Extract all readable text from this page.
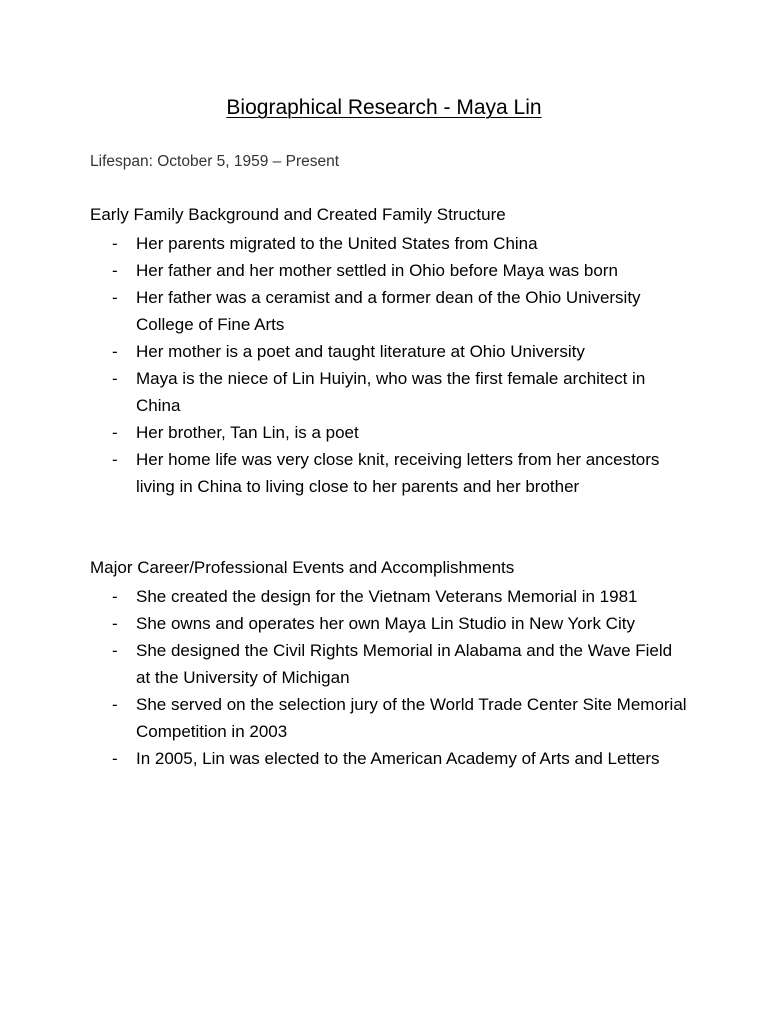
Biographical Research - Maya Lin
Lifespan: October 5, 1959 – Present
Early Family Background and Created Family Structure
- Her parents migrated to the United States from China
- Her father and her mother settled in Ohio before Maya was born
- Her father was a ceramist and a former dean of the Ohio University College of Fine Arts
- Her mother is a poet and taught literature at Ohio University
- Maya is the niece of Lin Huiyin, who was the first female architect in China
- Her brother, Tan Lin, is a poet
- Her home life was very close knit, receiving letters from her ancestors living in China to living close to her parents and her brother
Major Career/Professional Events and Accomplishments
- She created the design for the Vietnam Veterans Memorial in 1981
- She owns and operates her own Maya Lin Studio in New York City
- She designed the Civil Rights Memorial in Alabama and the Wave Field at the University of Michigan
- She served on the selection jury of the World Trade Center Site Memorial Competition in 2003
- In 2005, Lin was elected to the American Academy of Arts and Letters
